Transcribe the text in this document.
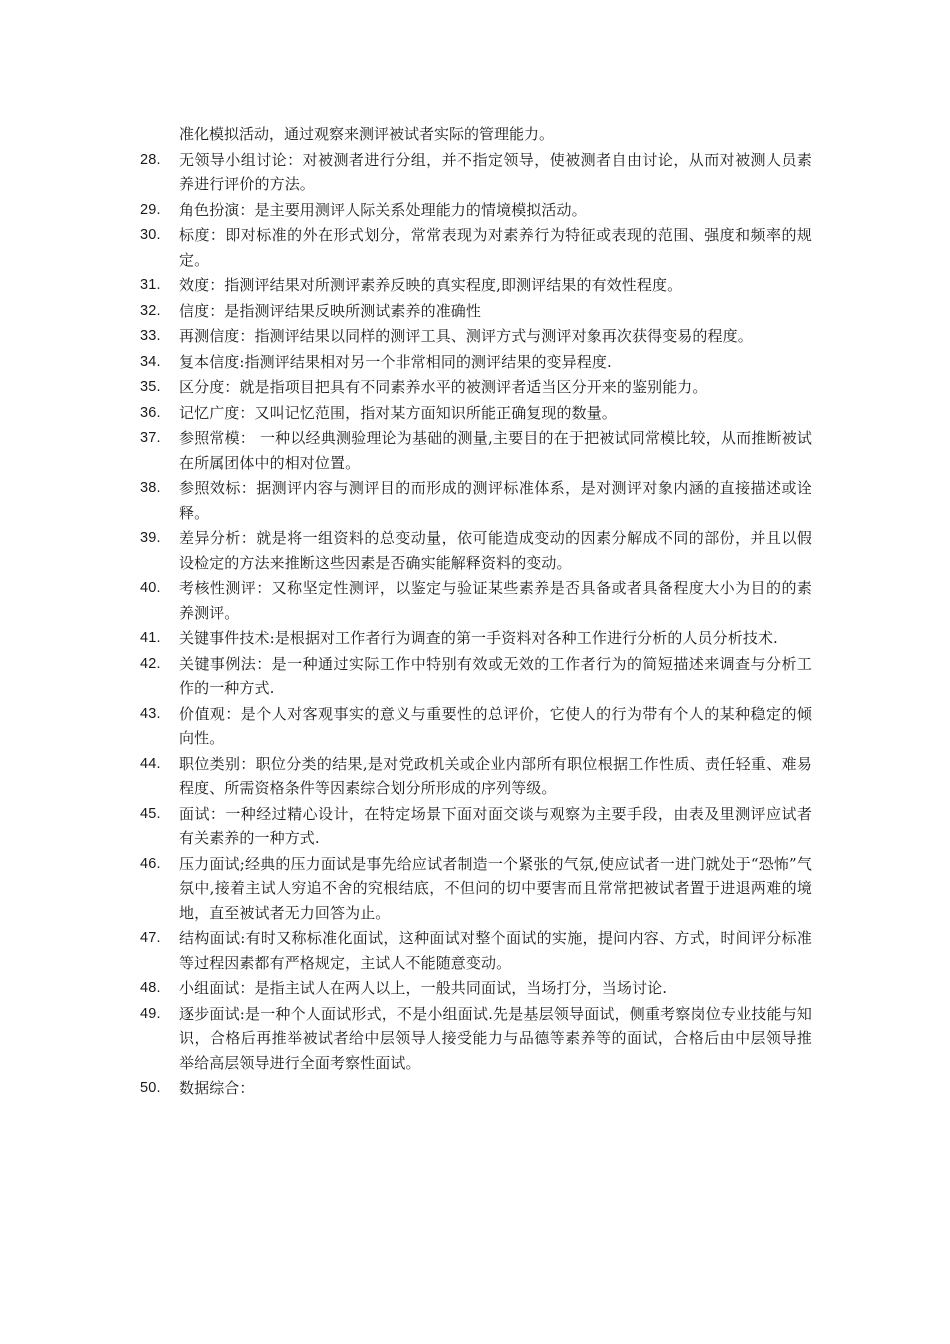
准化模拟活动，通过观察来测评被试者实际的管理能力。
28.	无领导小组讨论：对被测者进行分组，并不指定领导，使被测者自由讨论，从而对被测人员素养进行评价的方法。
29.	角色扮演：是主要用测评人际关系处理能力的情境模拟活动。
30.	标度：即对标准的外在形式划分，常常表现为对素养行为特征或表现的范围、强度和频率的规定。
31.	效度：指测评结果对所测评素养反映的真实程度,即测评结果的有效性程度。
32.	信度：是指测评结果反映所测试素养的准确性
33.	再测信度：指测评结果以同样的测评工具、测评方式与测评对象再次获得变易的程度。
34.	复本信度:指测评结果相对另一个非常相同的测评结果的变异程度.
35.	区分度：就是指项目把具有不同素养水平的被测评者适当区分开来的鉴别能力。
36.	记忆广度：又叫记忆范围，指对某方面知识所能正确复现的数量。
37.	参照常模： 一种以经典测验理论为基础的测量,主要目的在于把被试同常模比较，从而推断被试在所属团体中的相对位置。
38.	参照效标：据测评内容与测评目的而形成的测评标准体系，是对测评对象内涵的直接描述或诠释。
39.	差异分析：就是将一组资料的总变动量，依可能造成变动的因素分解成不同的部份，并且以假设检定的方法来推断这些因素是否确实能解释资料的变动。
40.	考核性测评：又称坚定性测评，以鉴定与验证某些素养是否具备或者具备程度大小为目的的素养测评。
41.	关键事件技术:是根据对工作者行为调查的第一手资料对各种工作进行分析的人员分析技术.
42.	关键事例法：是一种通过实际工作中特别有效或无效的工作者行为的简短描述来调查与分析工作的一种方式.
43.	价值观：是个人对客观事实的意义与重要性的总评价，它使人的行为带有个人的某种稳定的倾向性。
44.	职位类别：职位分类的结果,是对党政机关或企业内部所有职位根据工作性质、责任轻重、难易程度、所需资格条件等因素综合划分所形成的序列等级。
45.	面试：一种经过精心设计，在特定场景下面对面交谈与观察为主要手段，由表及里测评应试者有关素养的一种方式.
46.	压力面试;经典的压力面试是事先给应试者制造一个紧张的气氛,使应试者一进门就处于“恐怖”气氛中,接着主试人穷追不舍的究根结底，不但问的切中要害而且常常把被试者置于进退两难的境地，直至被试者无力回答为止。
47.	结构面试:有时又称标准化面试，这种面试对整个面试的实施，提问内容、方式，时间评分标准等过程因素都有严格规定，主试人不能随意变动。
48.	小组面试：是指主试人在两人以上，一般共同面试，当场打分，当场讨论.
49.	逐步面试:是一种个人面试形式，不是小组面试.先是基层领导面试，侧重考察岗位专业技能与知识，合格后再推举被试者给中层领导人接受能力与品德等素养等的面试，合格后由中层领导推举给高层领导进行全面考察性面试。
50.	数据综合：
